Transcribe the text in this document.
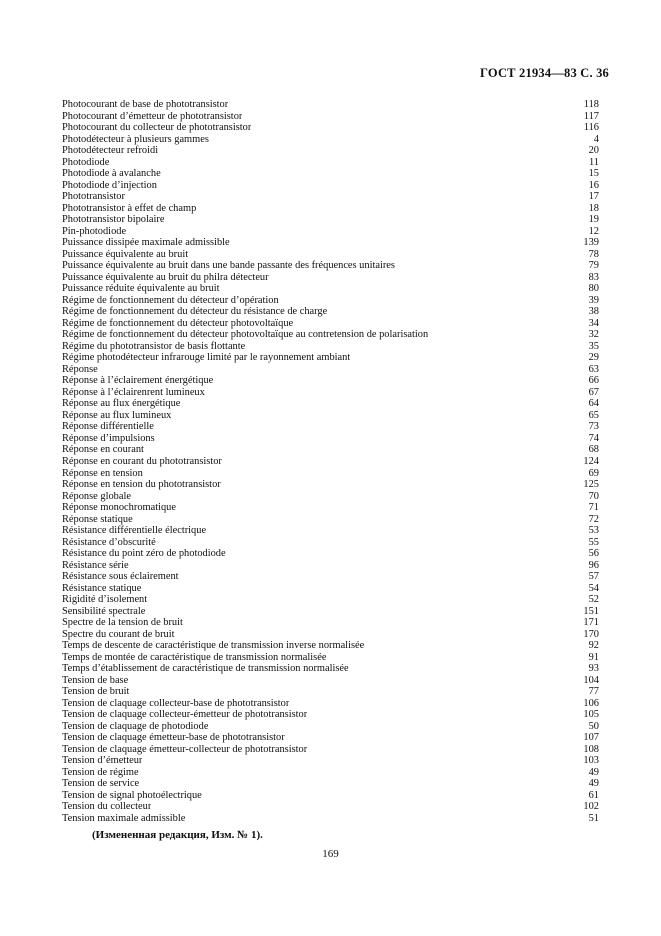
ГОСТ 21934—83 С. 36
Photocourant de base de phototransistor	118
Photocourant d’émetteur de phototransistor	117
Photocourant du collecteur de phototransistor	116
Photodétecteur à plusieurs gammes	4
Photodétecteur refroidi	20
Photodiode	11
Photodiode à avalanche	15
Photodiode d’injection	16
Phototransistor	17
Phototransistor à effet de champ	18
Phototransistor bipolaire	19
Pin-photodiode	12
Puissance dissipée maximale admissible	139
Puissance équivalente au bruit	78
Puissance équivalente au bruit dans une bande passante des fréquences unitaires	79
Puissance équivalente au bruit du philra détecteur	83
Puissance réduite équivalente au bruit	80
Régime de fonctionnement du détecteur d’opération	39
Régime de fonctionnement du détecteur du résistance de charge	38
Régime de fonctionnement du détecteur photovoltaïque	34
Régime de fonctionnement du détecteur photovoltaïque au contretension de polarisation	32
Régime du phototransistor de basis flottante	35
Régime photodétecteur infrarouge limité par le rayonnement ambiant	29
Réponse	63
Réponse à l’éclairement énergétique	66
Réponse à l’éclairenrent lumineux	67
Réponse au flux énergétique	64
Réponse au flux lumineux	65
Réponse différentielle	73
Réponse d’impulsions	74
Réponse en courant	68
Réponse en courant du phototransistor	124
Réponse en tension	69
Réponse en tension du phototransistor	125
Réponse globale	70
Réponse monochromatique	71
Réponse statique	72
Résistance différentielle électrique	53
Résistance d’obscurité	55
Résistance du point zéro de photodiode	56
Résistance série	96
Résistance sous éclairement	57
Résistance statique	54
Rigidité d’isolement	52
Sensibilité spectrale	151
Spectre de la tension de bruit	171
Spectre du courant de bruit	170
Temps de descente de caractéristique de transmission inverse normalisée	92
Temps de montée de caractéristique de transmission normalisée	91
Temps d’établissement de caractéristique de transmission normalisée	93
Tension de base	104
Tension de bruit	77
Tension de claquage collecteur-base de phototransistor	106
Tension de claquage collecteur-émetteur de phototransistor	105
Tension de claquage de photodiode	50
Tension de claquage émetteur-base de phototransistor	107
Tension de claquage émetteur-collecteur de phototransistor	108
Tension d’émetteur	103
Tension de régime	49
Tension de service	49
Tension de signal photoélectrique	61
Tension du collecteur	102
Tension maximale admissible	51
(Измененная редакция, Изм. № 1).
169
